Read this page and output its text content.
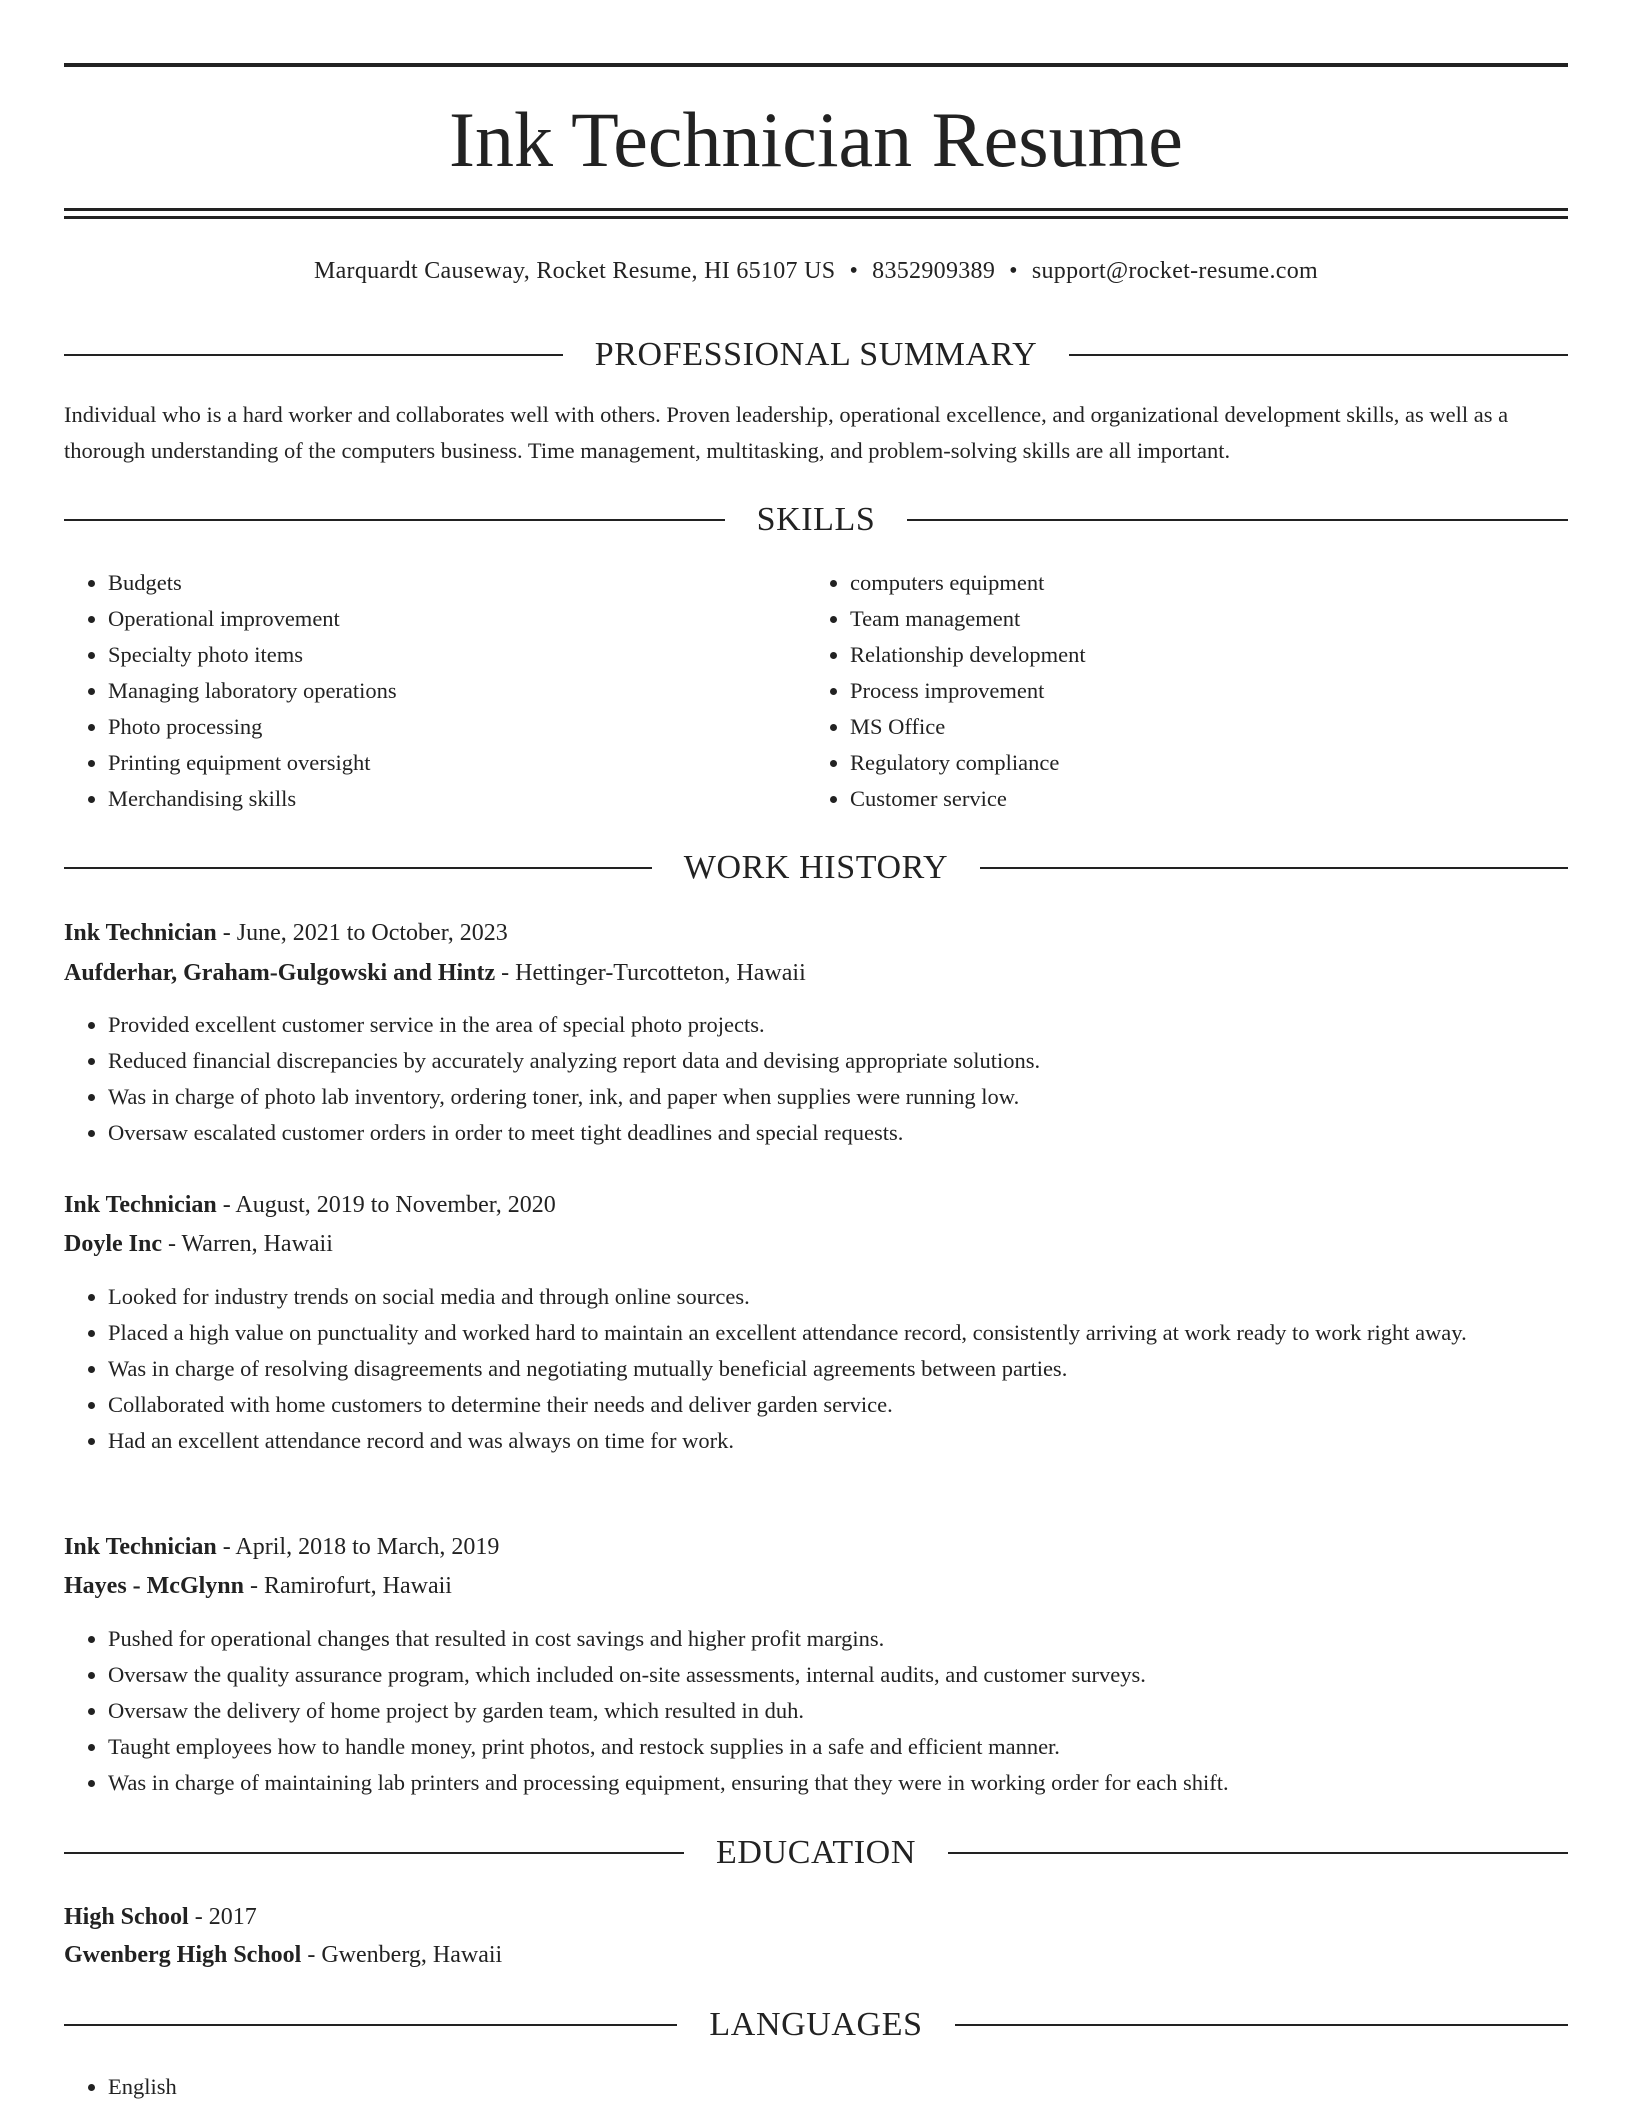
Ink Technician Resume
Marquardt Causeway, Rocket Resume, HI 65107 US • 8352909389 • support@rocket-resume.com
PROFESSIONAL SUMMARY
Individual who is a hard worker and collaborates well with others. Proven leadership, operational excellence, and organizational development skills, as well as a thorough understanding of the computers business. Time management, multitasking, and problem-solving skills are all important.
SKILLS
• Budgets
• Operational improvement
• Specialty photo items
• Managing laboratory operations
• Photo processing
• Printing equipment oversight
• Merchandising skills
• computers equipment
• Team management
• Relationship development
• Process improvement
• MS Office
• Regulatory compliance
• Customer service
WORK HISTORY
Ink Technician - June, 2021 to October, 2023
Aufderhar, Graham-Gulgowski and Hintz - Hettinger-Turcotteton, Hawaii
• Provided excellent customer service in the area of special photo projects.
• Reduced financial discrepancies by accurately analyzing report data and devising appropriate solutions.
• Was in charge of photo lab inventory, ordering toner, ink, and paper when supplies were running low.
• Oversaw escalated customer orders in order to meet tight deadlines and special requests.
Ink Technician - August, 2019 to November, 2020
Doyle Inc - Warren, Hawaii
• Looked for industry trends on social media and through online sources.
• Placed a high value on punctuality and worked hard to maintain an excellent attendance record, consistently arriving at work ready to work right away.
• Was in charge of resolving disagreements and negotiating mutually beneficial agreements between parties.
• Collaborated with home customers to determine their needs and deliver garden service.
• Had an excellent attendance record and was always on time for work.
Ink Technician - April, 2018 to March, 2019
Hayes - McGlynn - Ramirofurt, Hawaii
• Pushed for operational changes that resulted in cost savings and higher profit margins.
• Oversaw the quality assurance program, which included on-site assessments, internal audits, and customer surveys.
• Oversaw the delivery of home project by garden team, which resulted in duh.
• Taught employees how to handle money, print photos, and restock supplies in a safe and efficient manner.
• Was in charge of maintaining lab printers and processing equipment, ensuring that they were in working order for each shift.
EDUCATION
High School - 2017
Gwenberg High School - Gwenberg, Hawaii
LANGUAGES
• English
